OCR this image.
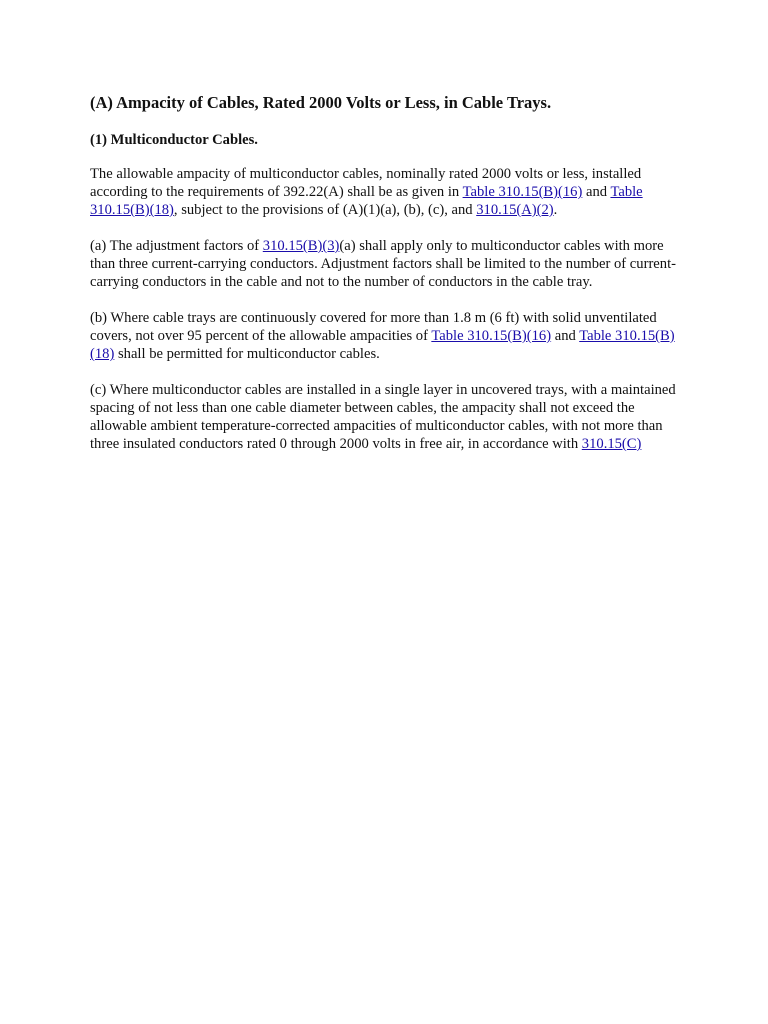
(A) Ampacity of Cables, Rated 2000 Volts or Less, in Cable Trays.
(1) Multiconductor Cables.

The allowable ampacity of multiconductor cables, nominally rated 2000 volts or less, installed according to the requirements of 392.22(A) shall be as given in Table 310.15(B)(16) and Table 310.15(B)(18), subject to the provisions of (A)(1)(a), (b), (c), and 310.15(A)(2).

(a) The adjustment factors of 310.15(B)(3)(a) shall apply only to multiconductor cables with more than three current-carrying conductors. Adjustment factors shall be limited to the number of current-carrying conductors in the cable and not to the number of conductors in the cable tray.

(b) Where cable trays are continuously covered for more than 1.8 m (6 ft) with solid unventilated covers, not over 95 percent of the allowable ampacities of Table 310.15(B)(16) and Table 310.15(B)(18) shall be permitted for multiconductor cables.

(c) Where multiconductor cables are installed in a single layer in uncovered trays, with a maintained spacing of not less than one cable diameter between cables, the ampacity shall not exceed the allowable ambient temperature-corrected ampacities of multiconductor cables, with not more than three insulated conductors rated 0 through 2000 volts in free air, in accordance with 310.15(C)
